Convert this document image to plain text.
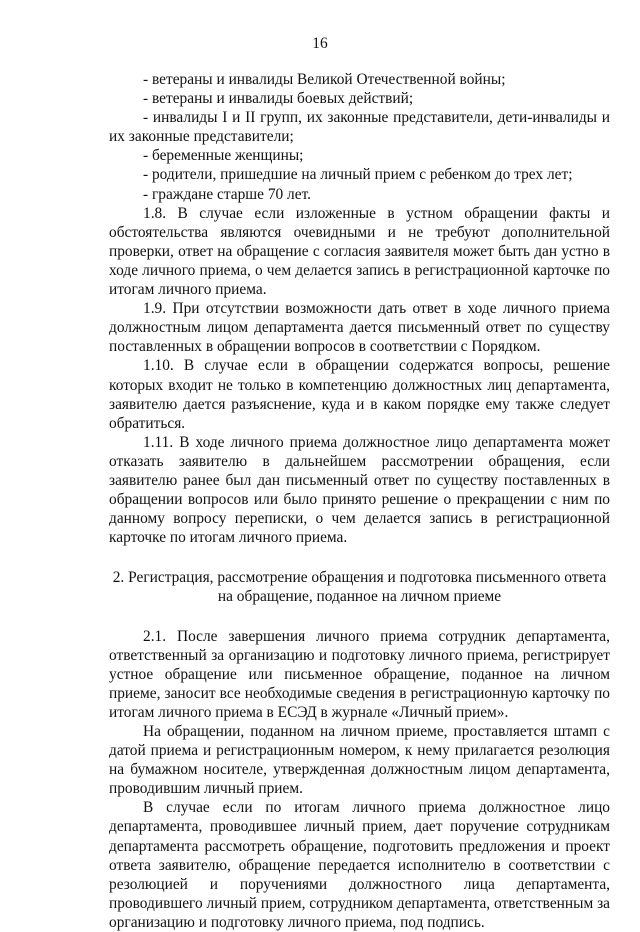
16

- ветераны и инвалиды Великой Отечественной войны;

- ветераны и инвалиды боевых действий;

- инвалиды I и II групп, их законные представители, дети-инвалиды и их законные представители;

- беременные женщины;

- родители, пришедшие на личный прием с ребенком до трех лет;

- граждане старше 70 лет.

1.8. В случае если изложенные в устном обращении факты и обстоятельства являются очевидными и не требуют дополнительной проверки, ответ на обращение с согласия заявителя может быть дан устно в ходе личного приема, о чем делается запись в регистрационной карточке по итогам личного приема.

1.9. При отсутствии возможности дать ответ в ходе личного приема должностным лицом департамента дается письменный ответ по существу поставленных в обращении вопросов в соответствии с Порядком.

1.10. В случае если в обращении содержатся вопросы, решение которых входит не только в компетенцию должностных лиц департамента, заявителю дается разъяснение, куда и в каком порядке ему также следует обратиться.

1.11. В ходе личного приема должностное лицо департамента может отказать заявителю в дальнейшем рассмотрении обращения, если заявителю ранее был дан письменный ответ по существу поставленных в обращении вопросов или было принято решение о прекращении с ним по данному вопросу переписки, о чем делается запись в регистрационной карточке по итогам личного приема.

2. Регистрация, рассмотрение обращения и подготовка письменного ответа на обращение, поданное на личном приеме

2.1. После завершения личного приема сотрудник департамента, ответственный за организацию и подготовку личного приема, регистрирует устное обращение или письменное обращение, поданное на личном приеме, заносит все необходимые сведения в регистрационную карточку по итогам личного приема в ЕСЭД в журнале «Личный прием».

На обращении, поданном на личном приеме, проставляется штамп с датой приема и регистрационным номером, к нему прилагается резолюция на бумажном носителе, утвержденная должностным лицом департамента, проводившим личный прием.

В случае если по итогам личного приема должностное лицо департамента, проводившее личный прием, дает поручение сотрудникам департамента рассмотреть обращение, подготовить предложения и проект ответа заявителю, обращение передается исполнителю в соответствии с резолюцией и поручениями должностного лица департамента, проводившего личный прием, сотрудником департамента, ответственным за организацию и подготовку личного приема, под подпись.
